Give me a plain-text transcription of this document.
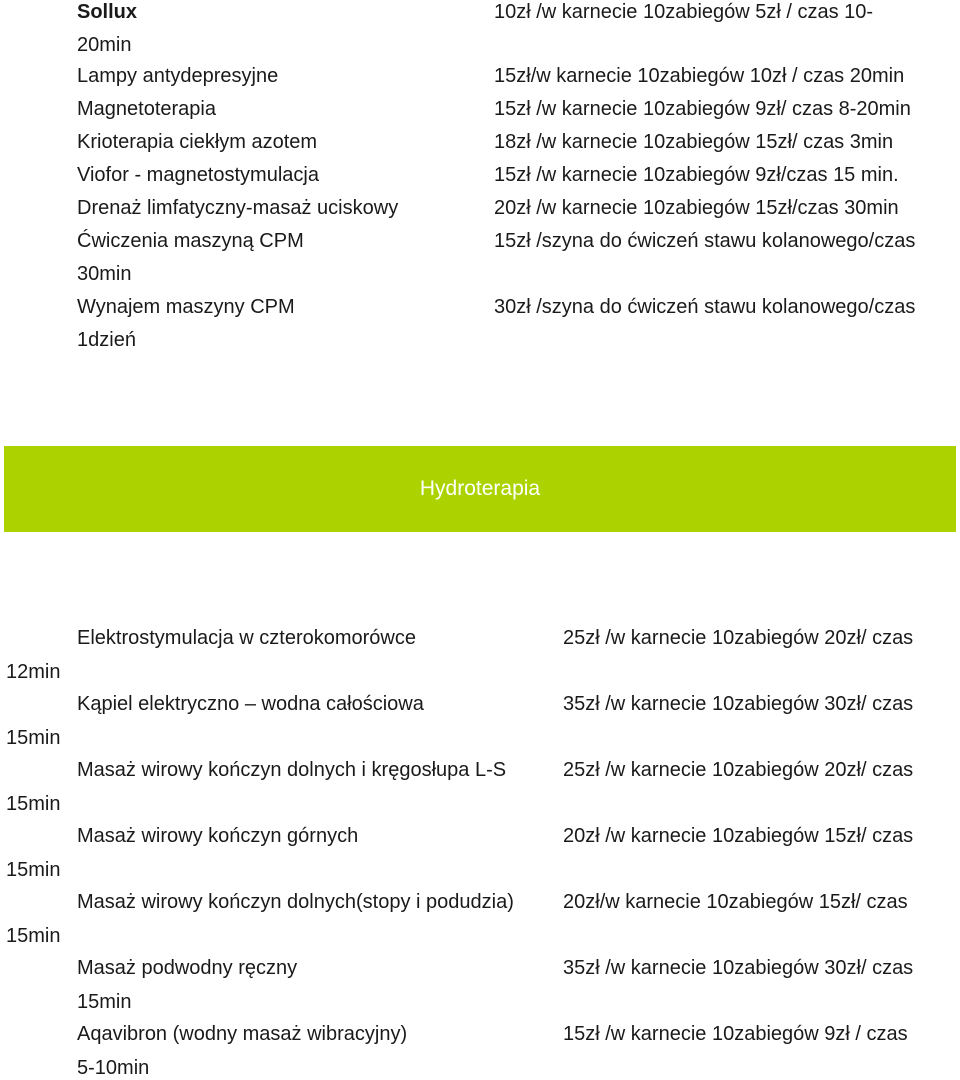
Sollux	10zł /w karnecie 10zabiegów 5zł / czas 10-
20min
Lampy antydepresyjne	15zł/w karnecie 10zabiegów 10zł / czas 20min
Magnetoterapia	15zł /w karnecie 10zabiegów 9zł/ czas 8-20min
Krioterapia ciekłym azotem	18zł /w karnecie 10zabiegów 15zł/ czas 3min
Viofor - magnetostymulacja	15zł /w karnecie 10zabiegów 9zł/czas 15 min.
Drenaż limfatyczny-masaż uciskowy	20zł /w karnecie 10zabiegów 15zł/czas 30min
Ćwiczenia maszyną CPM	15zł /szyna do ćwiczeń stawu kolanowego/czas
30min
Wynajem maszyny CPM	30zł /szyna do ćwiczeń stawu kolanowego/czas
1dzień
Hydroterapia
Elektrostymulacja w czterokomorówce	25zł /w karnecie 10zabiegów 20zł/ czas
12min
Kąpiel elektryczno – wodna całościowa	35zł /w karnecie 10zabiegów 30zł/ czas
15min
Masaż wirowy kończyn dolnych i kręgosłupa L-S	25zł /w karnecie 10zabiegów 20zł/ czas
15min
Masaż wirowy kończyn górnych	20zł /w karnecie 10zabiegów 15zł/ czas
15min
Masaż wirowy kończyn dolnych(stopy i podudzia) 20zł/w karnecie 10zabiegów 15zł/ czas
15min
Masaż podwodny ręczny	35zł /w karnecie 10zabiegów 30zł/ czas
15min
Aqavibron (wodny masaż wibracyjny)	15zł /w karnecie 10zabiegów 9zł / czas
5-10min
